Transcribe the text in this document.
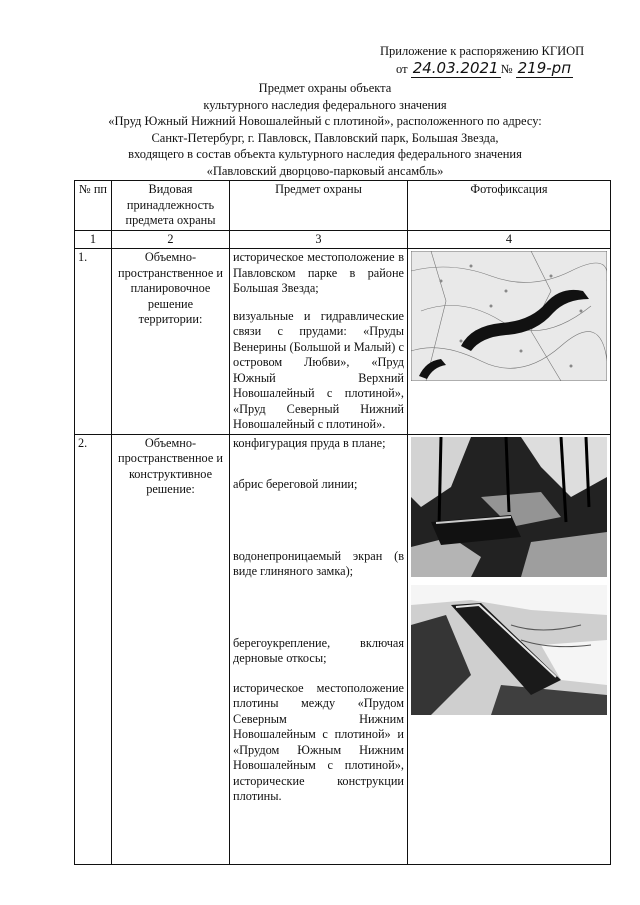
Приложение к распоряжению КГИОП
от 24.03.2021 № 219-рп
Предмет охраны объекта
культурного наследия федерального значения
«Пруд Южный Нижний Новошалейный с плотиной», расположенного по адресу:
Санкт-Петербург, г. Павловск, Павловский парк, Большая Звезда,
входящего в состав объекта культурного наследия федерального значения
«Павловский дворцово-парковый ансамбль»
№ пп	Видовая принадлежность предмета охраны	Предмет охраны	Фотофиксация
1	2	3	4
1.	Объемно-пространственное и планировочное решение территории:	историческое местоположение в Павловском парке в районе Большая Звезда;
визуальные и гидравлические связи с прудами: «Пруды Венерины (Большой и Малый) с островом Любви», «Пруд Южный Верхний Новошалейный с плотиной», «Пруд Северный Нижний Новошалейный с плотиной».

2.	Объемно-пространственное и конструктивное решение:	конфигурация пруда в плане;
абрис береговой линии;
водонепроницаемый экран (в виде глиняного замка);
берегоукрепление, включая дерновые откосы;
историческое местоположение плотины между «Прудом Северным Нижним Новошалейным с плотиной» и «Прудом Южным Нижним Новошалейным с плотиной», исторические конструкции плотины.
